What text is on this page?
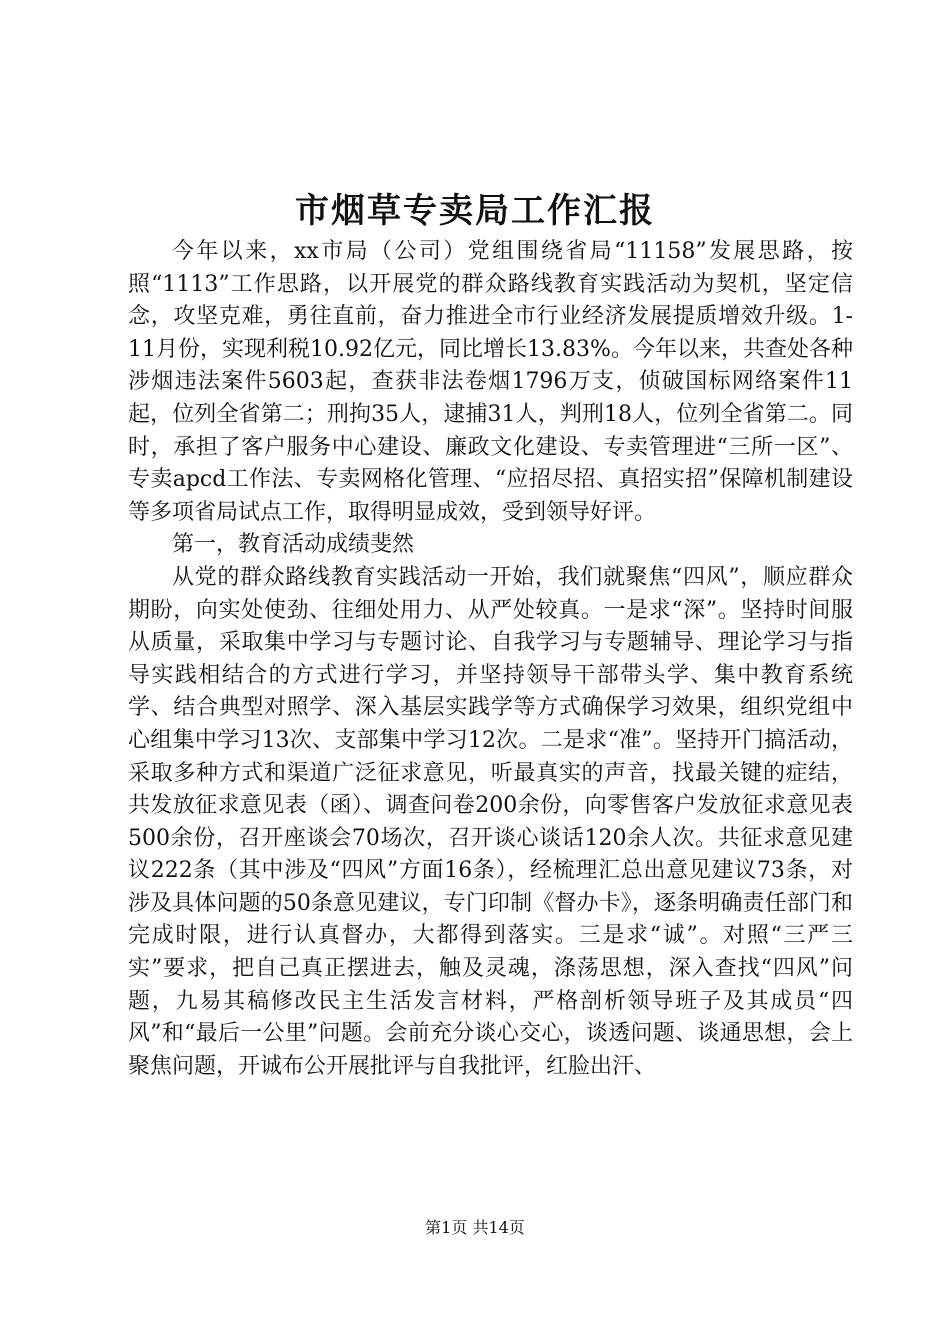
市烟草专卖局工作汇报

今年以来，xx市局（公司）党组围绕省局“11158”发展思路，按照“1113”工作思路，以开展党的群众路线教育实践活动为契机，坚定信念，攻坚克难，勇往直前，奋力推进全市行业经济发展提质增效升级。1-11月份，实现利税10.92亿元，同比增长13.83%。今年以来，共查处各种涉烟违法案件5603起，查获非法卷烟1796万支，侦破国标网络案件11起，位列全省第二；刑拘35人，逮捕31人，判刑18人，位列全省第二。同时，承担了客户服务中心建设、廉政文化建设、专卖管理进“三所一区”、专卖apcd工作法、专卖网格化管理、“应招尽招、真招实招”保障机制建设等多项省局试点工作，取得明显成效，受到领导好评。

第一，教育活动成绩斐然

从党的群众路线教育实践活动一开始，我们就聚焦“四风”，顺应群众期盼，向实处使劲、往细处用力、从严处较真。一是求“深”。坚持时间服从质量，采取集中学习与专题讨论、自我学习与专题辅导、理论学习与指导实践相结合的方式进行学习，并坚持领导干部带头学、集中教育系统学、结合典型对照学、深入基层实践学等方式确保学习效果，组织党组中心组集中学习13次、支部集中学习12次。二是求“准”。坚持开门搞活动，采取多种方式和渠道广泛征求意见，听最真实的声音，找最关键的症结，共发放征求意见表（函）、调查问卷200余份，向零售客户发放征求意见表500余份，召开座谈会70场次，召开谈心谈话120余人次。共征求意见建议222条（其中涉及“四风”方面16条），经梳理汇总出意见建议73条，对涉及具体问题的50条意见建议，专门印制《督办卡》，逐条明确责任部门和完成时限，进行认真督办，大都得到落实。三是求“诚”。对照“三严三实”要求，把自己真正摆进去，触及灵魂，涤荡思想，深入查找“四风”问题，九易其稿修改民主生活发言材料，严格剖析领导班子及其成员“四风”和“最后一公里”问题。会前充分谈心交心，谈透问题、谈通思想，会上聚焦问题，开诚布公开展批评与自我批评，红脸出汗、

第1页 共14页
